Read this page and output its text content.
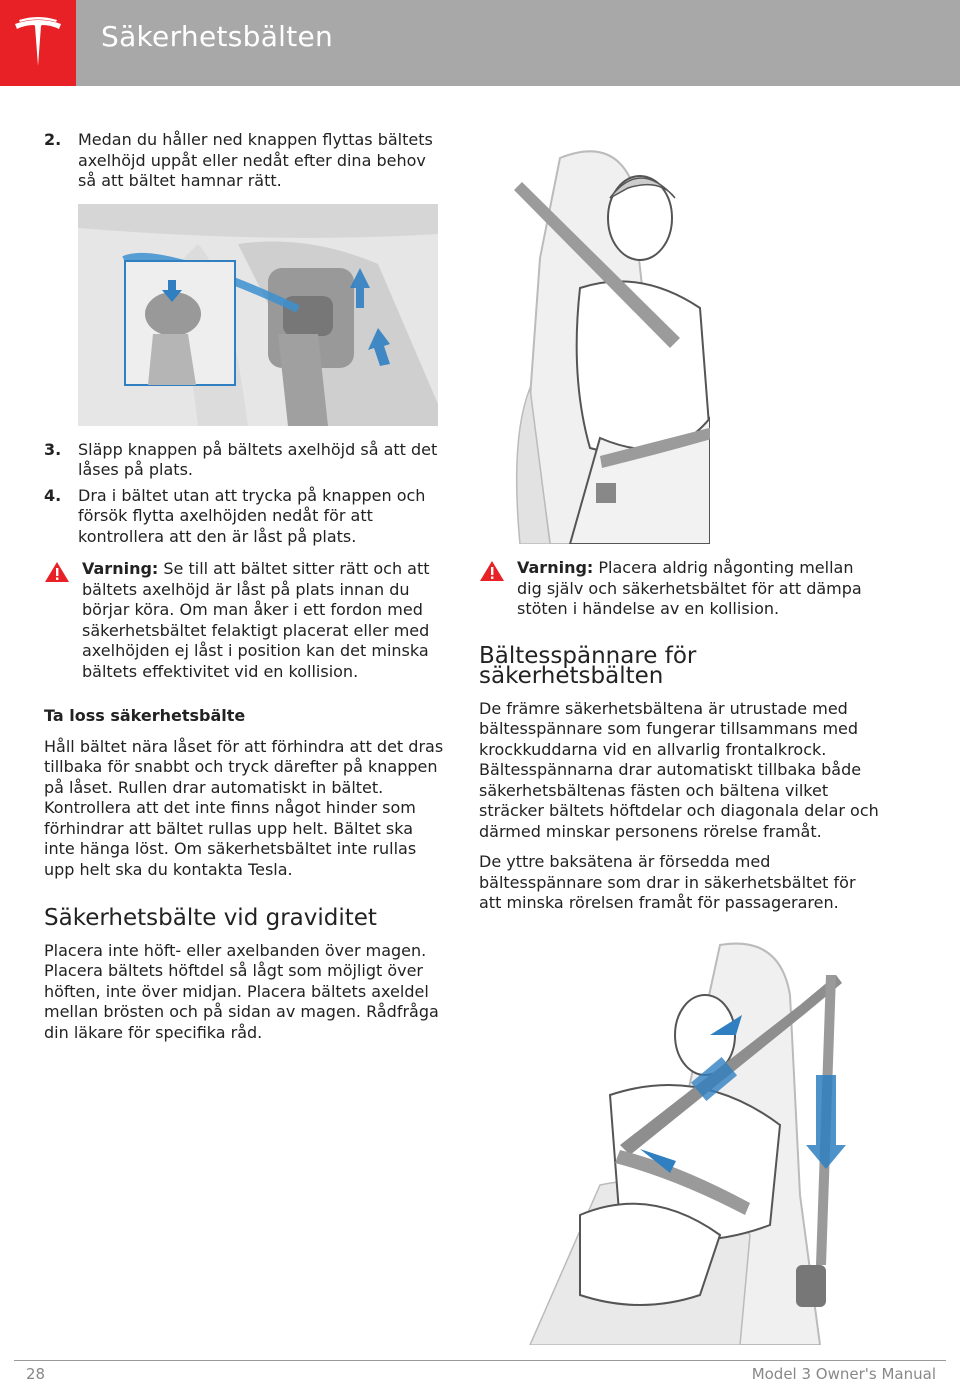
Säkerhetsbälten
2. Medan du håller ned knappen flyttas bältets axelhöjd uppåt eller nedåt efter dina behov så att bältet hamnar rätt.
3. Släpp knappen på bältets axelhöjd så att det låses på plats.
4. Dra i bältet utan att trycka på knappen och försök flytta axelhöjden nedåt för att kontrollera att den är låst på plats.
Varning: Se till att bältet sitter rätt och att bältets axelhöjd är låst på plats innan du börjar köra. Om man åker i ett fordon med säkerhetsbältet felaktigt placerat eller med axelhöjden ej låst i position kan det minska bältets effektivitet vid en kollision.
Ta loss säkerhetsbälte

Håll bältet nära låset för att förhindra att det dras tillbaka för snabbt och tryck därefter på knappen på låset. Rullen drar automatiskt in bältet. Kontrollera att det inte finns något hinder som förhindrar att bältet rullas upp helt. Bältet ska inte hänga löst. Om säkerhetsbältet inte rullas upp helt ska du kontakta Tesla.

Säkerhetsbälte vid graviditet

Placera inte höft- eller axelbanden över magen. Placera bältets höftdel så lågt som möjligt över höften, inte över midjan. Placera bältets axeldel mellan brösten och på sidan av magen. Rådfråga din läkare för specifika råd.

Varning: Placera aldrig någonting mellan dig själv och säkerhetsbältet för att dämpa stöten i händelse av en kollision.
Bältesspännare för säkerhetsbälten

De främre säkerhetsbältena är utrustade med bältesspännare som fungerar tillsammans med krockkuddarna vid en allvarlig frontalkrock. Bältesspännarna drar automatiskt tillbaka både säkerhetsbältenas fästen och bältena vilket sträcker bältets höftdelar och diagonala delar och därmed minskar personens rörelse framåt.

De yttre baksätena är försedda med bältesspännare som drar in säkerhetsbältet för att minska rörelsen framåt för passageraren.

28	Model 3 Owner's Manual
